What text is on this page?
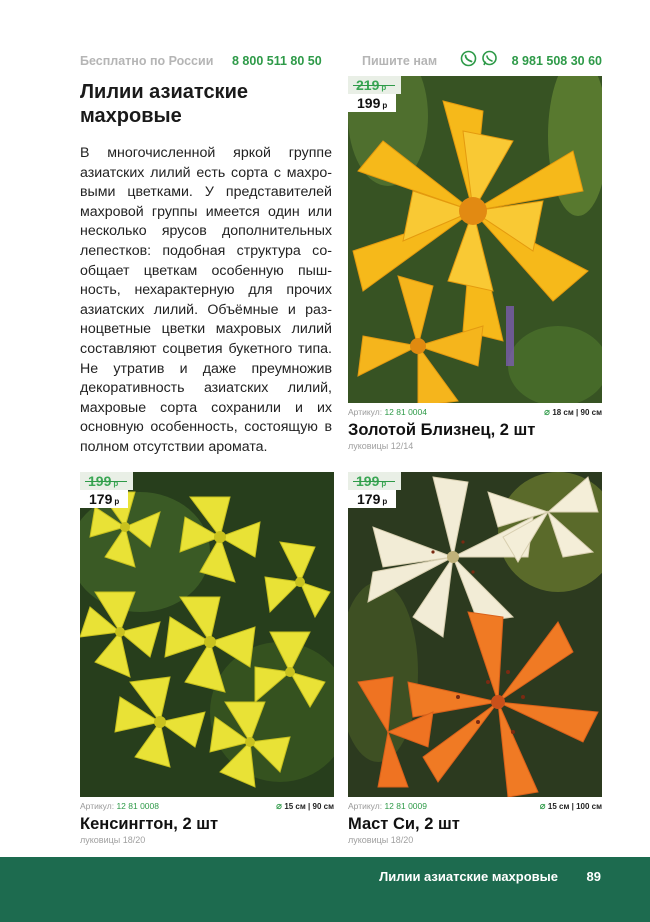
Бесплатно по России 8 800 511 80 50	Пишите нам	8 981 508 30 60
Лилии азиатские махровые

В многочисленной яркой группе азиатских лилий есть сорта с махровыми цветками. У представителей махровой группы имеется один или несколько ярусов дополнительных лепестков: подобная структура сообщает цветкам особенную пышность, нехарактерную для прочих азиатских лилий. Объёмные и разноцветные цветки махровых лилий составляют соцветия букетного типа. Не утратив и даже преумножив декоративность азиатских лилий, махровые сорта сохранили и их основную особенность, состоящую в полном отсутствии аромата.

219 р
199 р
Артикул: 12 81 0004	⌀ 18 см | 90 см
Золотой Близнец, 2 шт
луковицы 12/14
199 р
179 р
Артикул: 12 81 0008	⌀ 15 см | 90 см
Кенсингтон, 2 шт
луковицы 18/20
199 р
179 р
Артикул: 12 81 0009	⌀ 15 см | 100 см
Маст Си, 2 шт
луковицы 18/20
Лилии азиатские махровые 89
